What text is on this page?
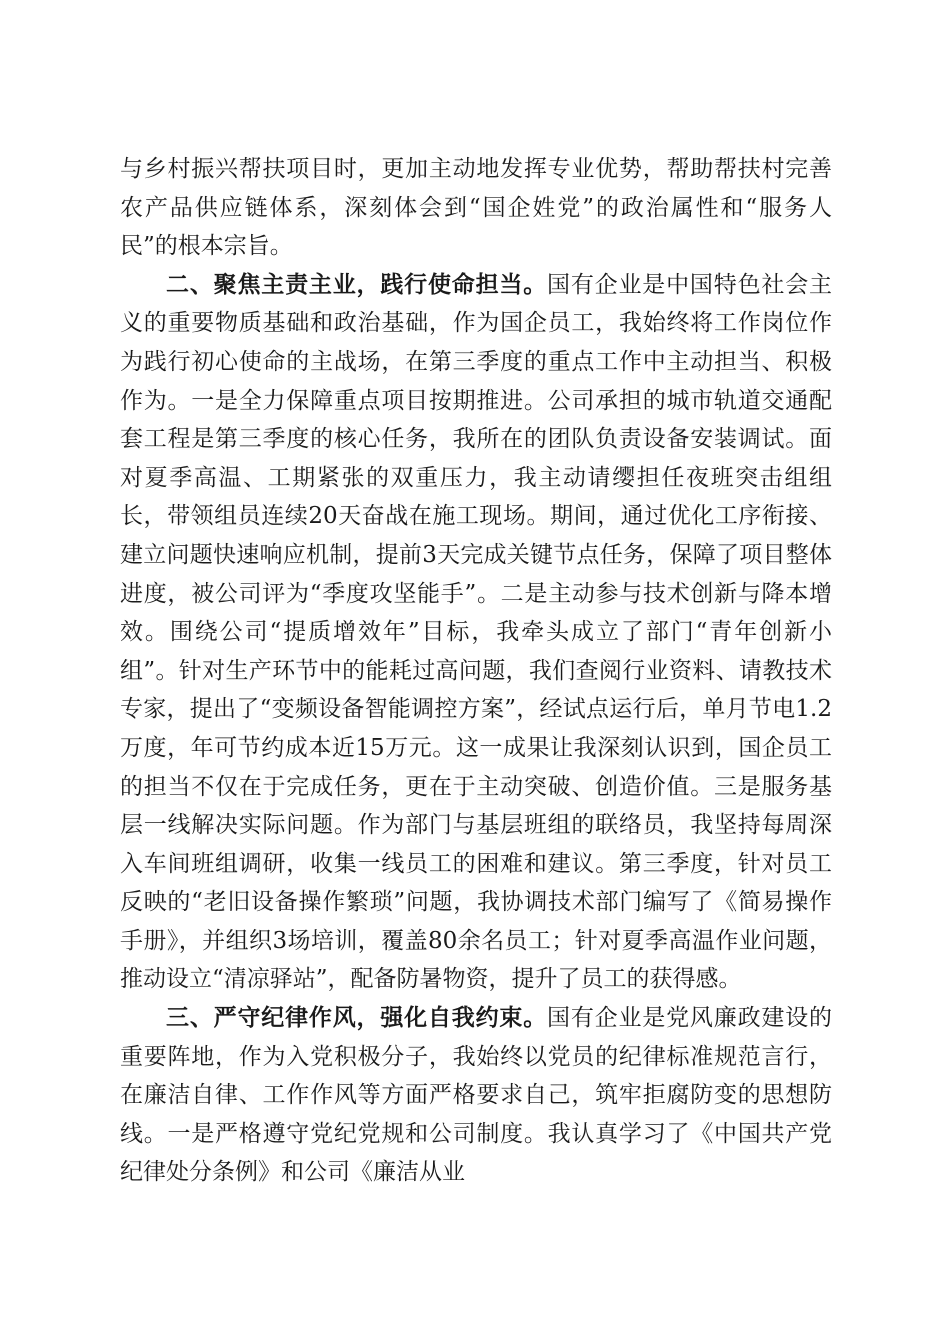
与乡村振兴帮扶项目时，更加主动地发挥专业优势，帮助帮扶村完善农产品供应链体系，深刻体会到“国企姓党”的政治属性和“服务人民”的根本宗旨。

二、聚焦主责主业，践行使命担当。国有企业是中国特色社会主义的重要物质基础和政治基础，作为国企员工，我始终将工作岗位作为践行初心使命的主战场，在第三季度的重点工作中主动担当、积极作为。一是全力保障重点项目按期推进。公司承担的城市轨道交通配套工程是第三季度的核心任务，我所在的团队负责设备安装调试。面对夏季高温、工期紧张的双重压力，我主动请缨担任夜班突击组组长，带领组员连续20天奋战在施工现场。期间，通过优化工序衔接、建立问题快速响应机制，提前3天完成关键节点任务，保障了项目整体进度，被公司评为“季度攻坚能手”。二是主动参与技术创新与降本增效。围绕公司“提质增效年”目标，我牵头成立了部门“青年创新小组”。针对生产环节中的能耗过高问题，我们查阅行业资料、请教技术专家，提出了“变频设备智能调控方案”，经试点运行后，单月节电1.2万度，年可节约成本近15万元。这一成果让我深刻认识到，国企员工的担当不仅在于完成任务，更在于主动突破、创造价值。三是服务基层一线解决实际问题。作为部门与基层班组的联络员，我坚持每周深入车间班组调研，收集一线员工的困难和建议。第三季度，针对员工反映的“老旧设备操作繁琐”问题，我协调技术部门编写了《简易操作手册》，并组织3场培训，覆盖80余名员工；针对夏季高温作业问题，推动设立“清凉驿站”，配备防暑物资，提升了员工的获得感。

三、严守纪律作风，强化自我约束。国有企业是党风廉政建设的重要阵地，作为入党积极分子，我始终以党员的纪律标准规范言行，在廉洁自律、工作作风等方面严格要求自己，筑牢拒腐防变的思想防线。一是严格遵守党纪党规和公司制度。我认真学习了《中国共产党纪律处分条例》和公司《廉洁从业
